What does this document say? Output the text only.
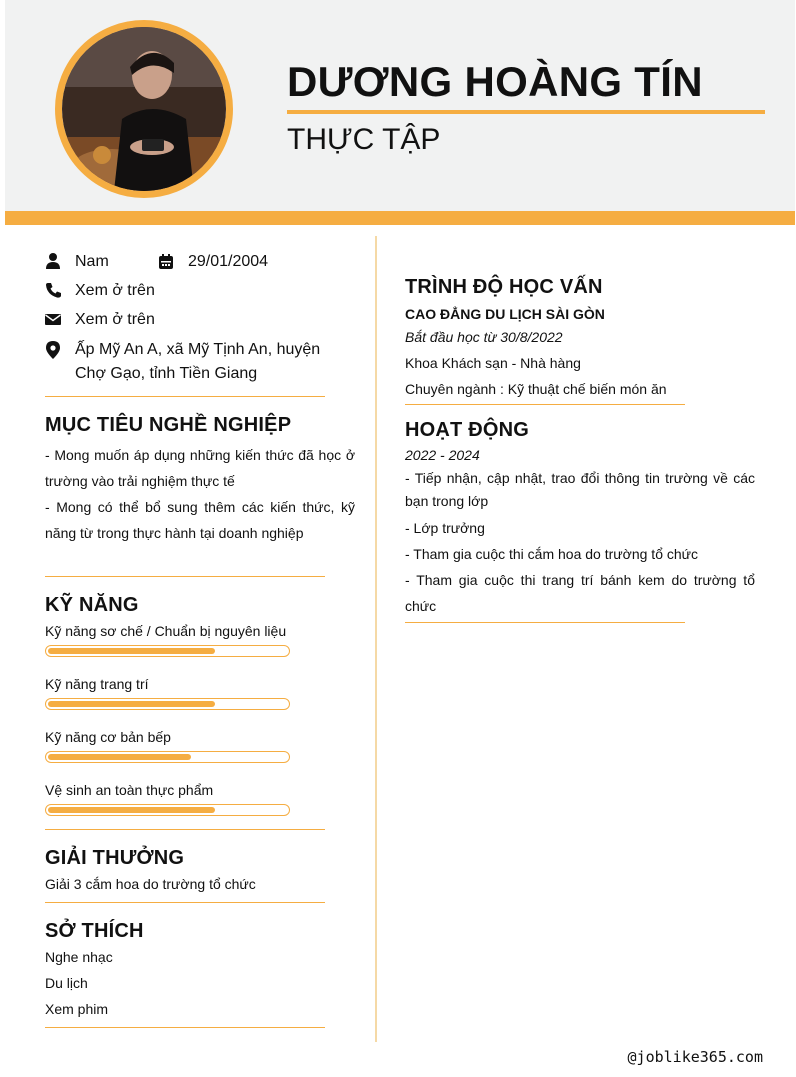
DƯƠNG HOÀNG TÍN
THỰC TẬP
Nam	29/01/2004
Xem ở trên
Xem ở trên
Ấp Mỹ An A, xã Mỹ Tịnh An, huyện Chợ Gạo, tỉnh Tiền Giang
MỤC TIÊU NGHỀ NGHIỆP
- Mong muốn áp dụng những kiến thức đã học ở trường vào trải nghiệm thực tế
- Mong có thể bổ sung thêm các kiến thức, kỹ năng từ trong thực hành tại doanh nghiệp
KỸ NĂNG
Kỹ năng sơ chế / Chuẩn bị nguyên liệu
Kỹ năng trang trí
Kỹ năng cơ bản bếp
Vệ sinh an toàn thực phẩm
GIẢI THƯỞNG
Giải 3 cắm hoa do trường tổ chức
SỞ THÍCH
Nghe nhạc
Du lịch
Xem phim
TRÌNH ĐỘ HỌC VẤN
CAO ĐẲNG DU LỊCH SÀI GÒN
Bắt đầu học từ 30/8/2022
Khoa Khách sạn - Nhà hàng
Chuyên ngành : Kỹ thuật chế biến món ăn
HOẠT ĐỘNG
2022 - 2024
- Tiếp nhận, cập nhật, trao đổi thông tin trường về các bạn trong lớp
- Lớp trưởng
- Tham gia cuộc thi cắm hoa do trường tổ chức
- Tham gia cuộc thi trang trí bánh kem do trường tổ chức
@joblike365.com
